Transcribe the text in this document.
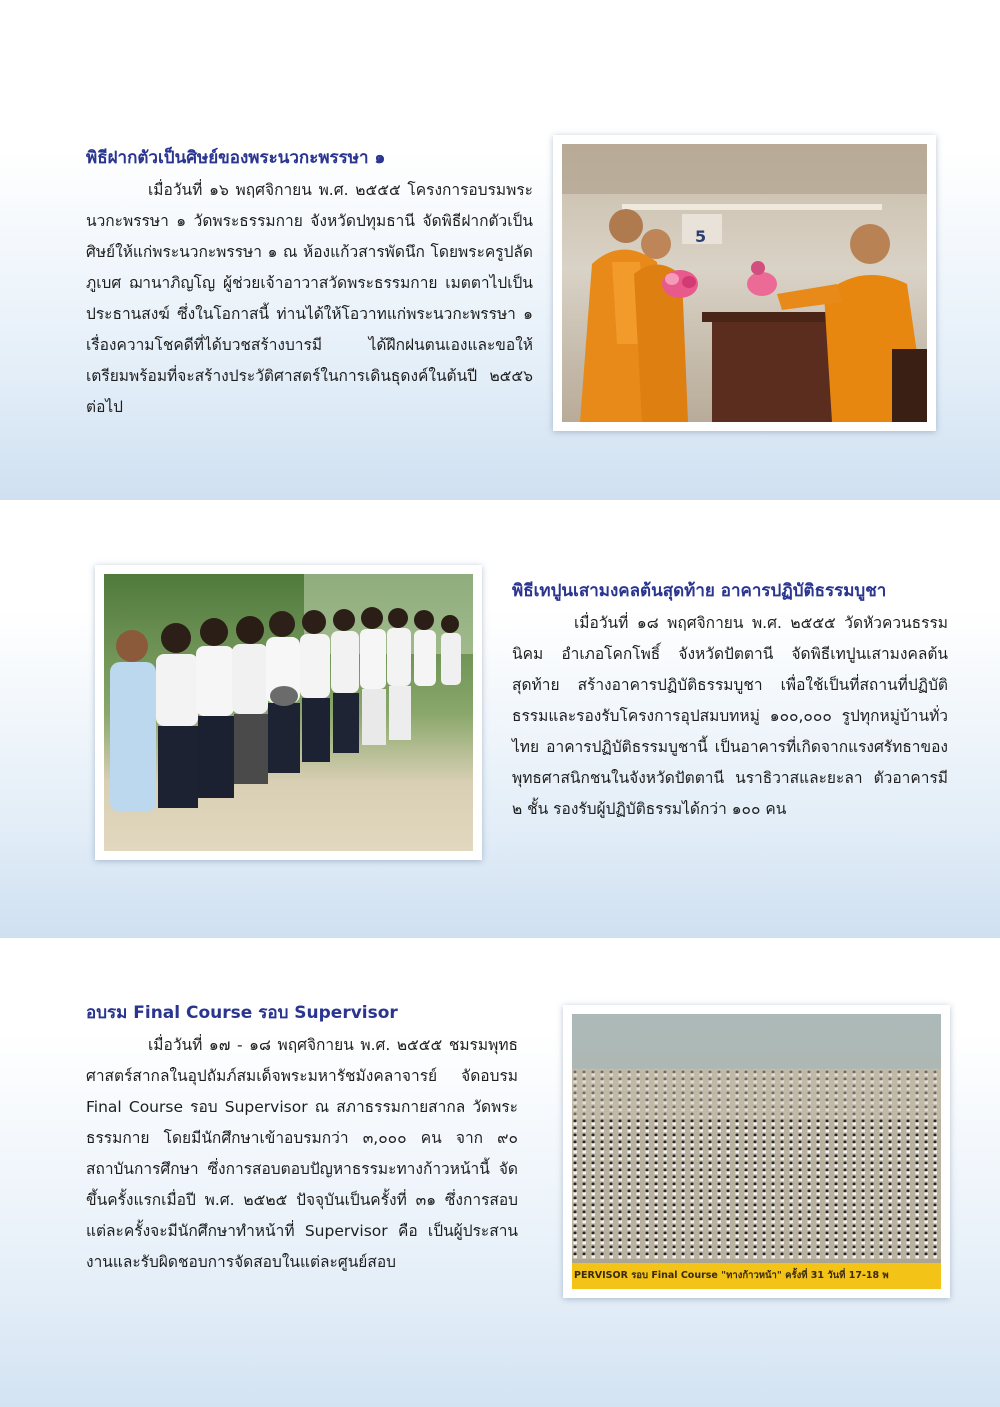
พิธีฝากตัวเป็นศิษย์ของพระนวกะพรรษา ๑

เมื่อวันที่ ๑๖ พฤศจิกายน พ.ศ. ๒๕๕๕ โครงการอบรมพระนวกะพรรษา ๑ วัดพระธรรมกาย จังหวัดปทุมธานี จัดพิธีฝากตัวเป็นศิษย์ให้แก่พระนวกะพรรษา ๑ ณ ห้องแก้วสารพัดนึก โดยพระครูปลัดภูเบศ ฌานาภิญโญ ผู้ช่วยเจ้าอาวาสวัดพระธรรมกาย เมตตาไปเป็นประธานสงฆ์ ซึ่งในโอกาสนี้ ท่านได้ให้โอวาทแก่พระนวกะพรรษา ๑ เรื่องความโชคดีที่ได้บวชสร้างบารมี ได้ฝึกฝนตนเองและขอให้เตรียมพร้อมที่จะสร้างประวัติศาสตร์ในการเดินธุดงค์ในต้นปี ๒๕๕๖ ต่อไป

5
พิธีเทปูนเสามงคลต้นสุดท้าย อาคารปฏิบัติธรรมบูชา

เมื่อวันที่ ๑๘ พฤศจิกายน พ.ศ. ๒๕๕๕ วัดหัวควนธรรมนิคม อำเภอโคกโพธิ์ จังหวัดปัตตานี จัดพิธีเทปูนเสามงคลต้นสุดท้าย สร้างอาคารปฏิบัติธรรมบูชา เพื่อใช้เป็นที่สถานที่ปฏิบัติธรรมและรองรับโครงการอุปสมบทหมู่ ๑๐๐,๐๐๐ รูปทุกหมู่บ้านทั่วไทย อาคารปฏิบัติธรรมบูชานี้ เป็นอาคารที่เกิดจากแรงศรัทธาของพุทธศาสนิกชนในจังหวัดปัตตานี นราธิวาสและยะลา ตัวอาคารมี ๒ ชั้น รองรับผู้ปฏิบัติธรรมได้กว่า ๑๐๐ คน

อบรม Final Course รอบ Supervisor

เมื่อวันที่ ๑๗ - ๑๘ พฤศจิกายน พ.ศ. ๒๕๕๕ ชมรมพุทธศาสตร์สากลในอุปถัมภ์สมเด็จพระมหารัชมังคลาจารย์ จัดอบรม Final Course รอบ Supervisor ณ สภาธรรมกายสากล วัดพระธรรมกาย โดยมีนักศึกษาเข้าอบรมกว่า ๓,๐๐๐ คน จาก ๙๐ สถาบันการศึกษา ซึ่งการสอบตอบปัญหาธรรมะทางก้าวหน้านี้ จัดขึ้นครั้งแรกเมื่อปี พ.ศ. ๒๕๒๕ ปัจจุบันเป็นครั้งที่ ๓๑ ซึ่งการสอบแต่ละครั้งจะมีนักศึกษาทำหน้าที่ Supervisor คือ เป็นผู้ประสานงานและรับผิดชอบการจัดสอบในแต่ละศูนย์สอบ

PERVISOR รอบ Final Course "ทางก้าวหน้า" ครั้งที่ 31 วันที่ 17-18 พ
